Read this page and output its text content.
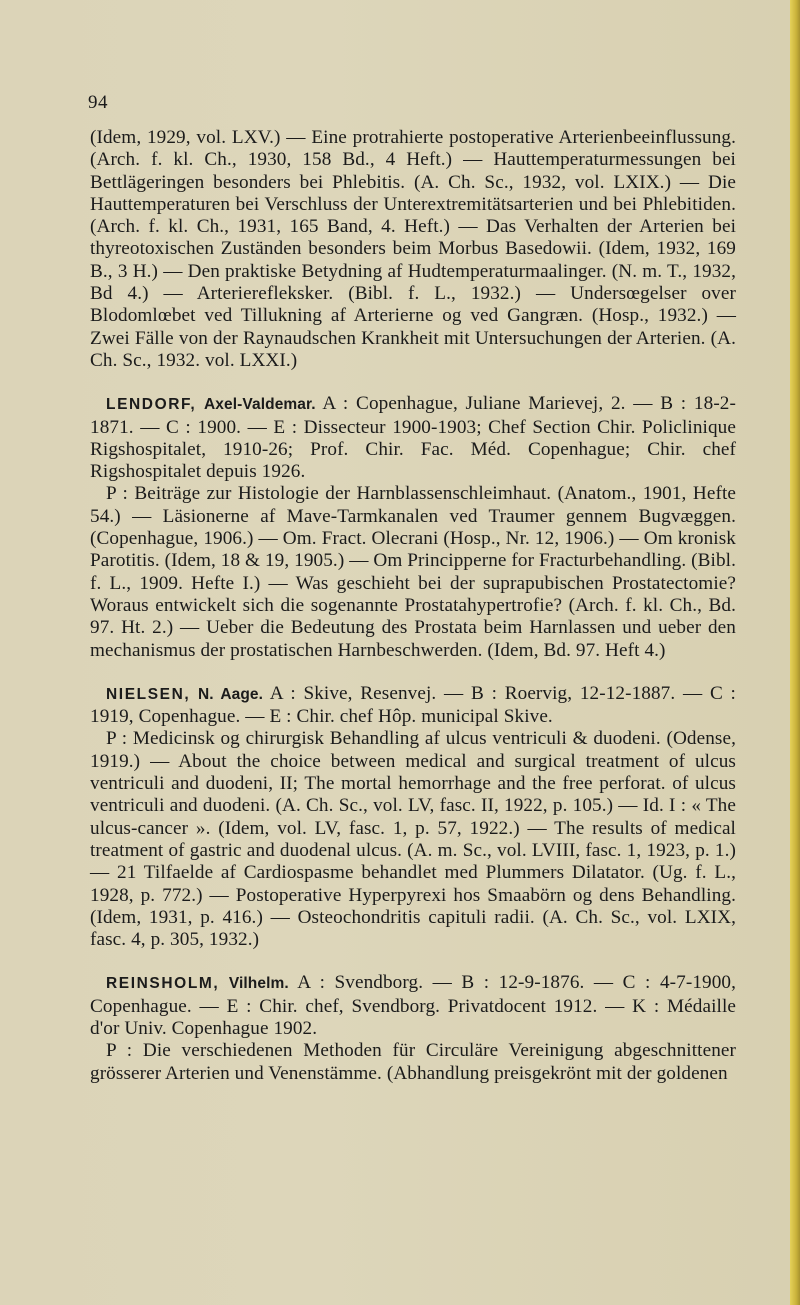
94

(Idem, 1929, vol. LXV.) — Eine protrahierte postoperative Arterienbeeinflussung. (Arch. f. kl. Ch., 1930, 158 Bd., 4 Heft.) — Hauttemperaturmessungen bei Bettlägeringen besonders bei Phlebitis. (A. Ch. Sc., 1932, vol. LXIX.) — Die Hauttemperaturen bei Verschluss der Unterextremitätsarterien und bei Phlebitiden. (Arch. f. kl. Ch., 1931, 165 Band, 4. Heft.) — Das Verhalten der Arterien bei thyreotoxischen Zuständen besonders beim Morbus Basedowii. (Idem, 1932, 169 B., 3 H.) — Den praktiske Betydning af Hudtemperaturmaalinger. (N. m. T., 1932, Bd 4.) — Arterierefleksker. (Bibl. f. L., 1932.) — Undersœgelser over Blodomlœbet ved Tillukning af Arterierne og ved Gangræn. (Hosp., 1932.) — Zwei Fälle von der Raynaudschen Krankheit mit Untersuchungen der Arterien. (A. Ch. Sc., 1932. vol. LXXI.)

LENDORF, Axel-Valdemar. A : Copenhague, Juliane Marievej, 2. — B : 18-2-1871. — C : 1900. — E : Dissecteur 1900-1903; Chef Section Chir. Policlinique Rigshospitalet, 1910-26; Prof. Chir. Fac. Méd. Copenhague; Chir. chef Rigshospitalet depuis 1926.

P : Beiträge zur Histologie der Harnblassenschleimhaut. (Anatom., 1901, Hefte 54.) — Läsionerne af Mave-Tarmkanalen ved Traumer gennem Bugvæggen. (Copenhague, 1906.) — Om. Fract. Olecrani (Hosp., Nr. 12, 1906.) — Om kronisk Parotitis. (Idem, 18 & 19, 1905.) — Om Principperne for Fracturbehandling. (Bibl. f. L., 1909. Hefte I.) — Was geschieht bei der suprapubischen Prostatectomie? Woraus entwickelt sich die sogenannte Prostatahypertrofie? (Arch. f. kl. Ch., Bd. 97. Ht. 2.) — Ueber die Bedeutung des Prostata beim Harnlassen und ueber den mechanismus der prostatischen Harnbeschwerden. (Idem, Bd. 97. Heft 4.)

NIELSEN, N. Aage. A : Skive, Resenvej. — B : Roervig, 12-12-1887. — C : 1919, Copenhague. — E : Chir. chef Hôp. municipal Skive.

P : Medicinsk og chirurgisk Behandling af ulcus ventriculi & duodeni. (Odense, 1919.) — About the choice between medical and surgical treatment of ulcus ventriculi and duodeni, II; The mortal hemorrhage and the free perforat. of ulcus ventriculi and duodeni. (A. Ch. Sc., vol. LV, fasc. II, 1922, p. 105.) — Id. I : « The ulcus-cancer ». (Idem, vol. LV, fasc. 1, p. 57, 1922.) — The results of medical treatment of gastric and duodenal ulcus. (A. m. Sc., vol. LVIII, fasc. 1, 1923, p. 1.) — 21 Tilfaelde af Cardiospasme behandlet med Plummers Dilatator. (Ug. f. L., 1928, p. 772.) — Postoperative Hyperpyrexi hos Smaabörn og dens Behandling. (Idem, 1931, p. 416.) — Osteochondritis capituli radii. (A. Ch. Sc., vol. LXIX, fasc. 4, p. 305, 1932.)

REINSHOLM, Vilhelm. A : Svendborg. — B : 12-9-1876. — C : 4-7-1900, Copenhague. — E : Chir. chef, Svendborg. Privatdocent 1912. — K : Médaille d'or Univ. Copenhague 1902.

P : Die verschiedenen Methoden für Circuläre Vereinigung abgeschnittener grösserer Arterien und Venenstämme. (Abhandlung preisgekrönt mit der goldenen
